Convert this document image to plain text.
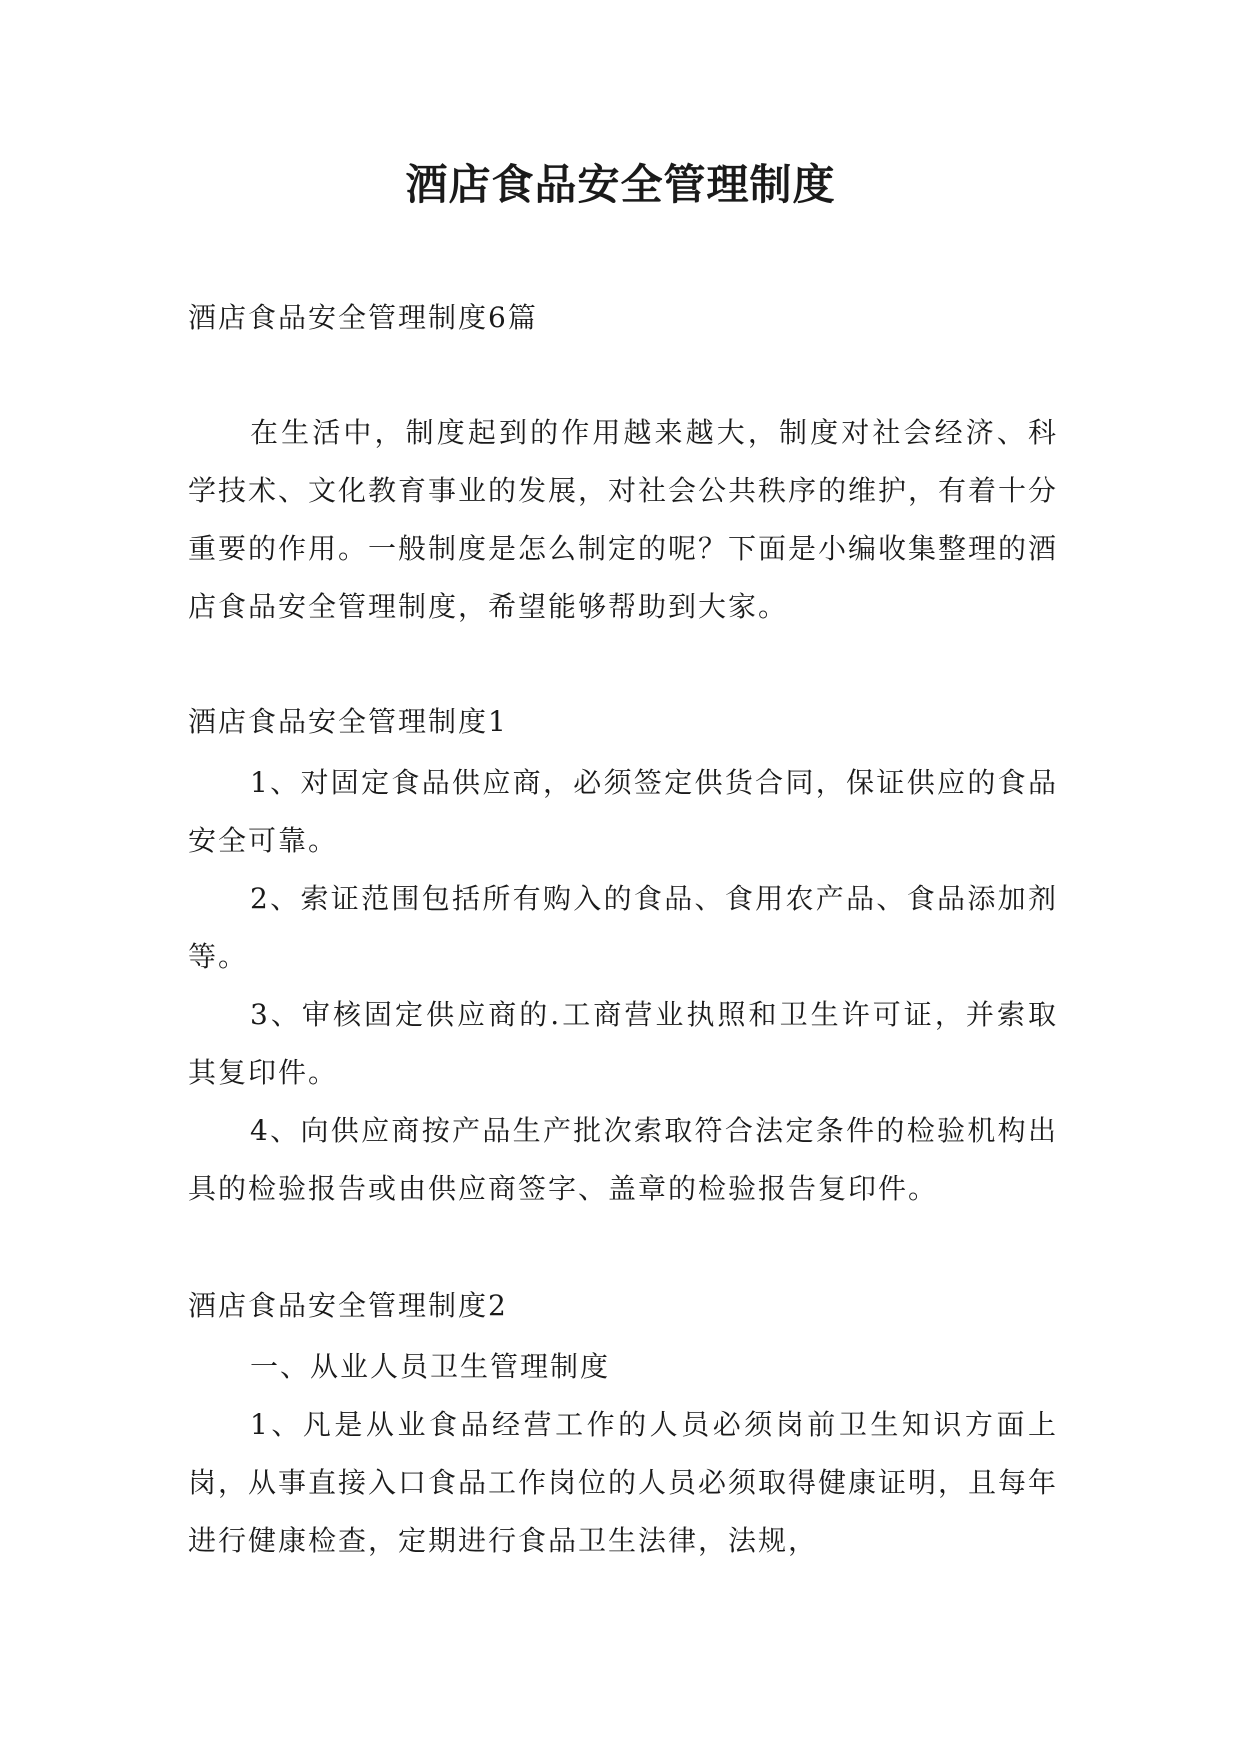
酒店食品安全管理制度
酒店食品安全管理制度6篇

在生活中，制度起到的作用越来越大，制度对社会经济、科学技术、文化教育事业的发展，对社会公共秩序的维护，有着十分重要的作用。一般制度是怎么制定的呢？下面是小编收集整理的酒店食品安全管理制度，希望能够帮助到大家。

酒店食品安全管理制度1

1、对固定食品供应商，必须签定供货合同，保证供应的食品安全可靠。

2、索证范围包括所有购入的食品、食用农产品、食品添加剂等。

3、审核固定供应商的.工商营业执照和卫生许可证，并索取其复印件。

4、向供应商按产品生产批次索取符合法定条件的检验机构出具的检验报告或由供应商签字、盖章的检验报告复印件。

酒店食品安全管理制度2

一、从业人员卫生管理制度

1、凡是从业食品经营工作的人员必须岗前卫生知识方面上岗，从事直接入口食品工作岗位的人员必须取得健康证明，且每年进行健康检查，定期进行食品卫生法律，法规，
